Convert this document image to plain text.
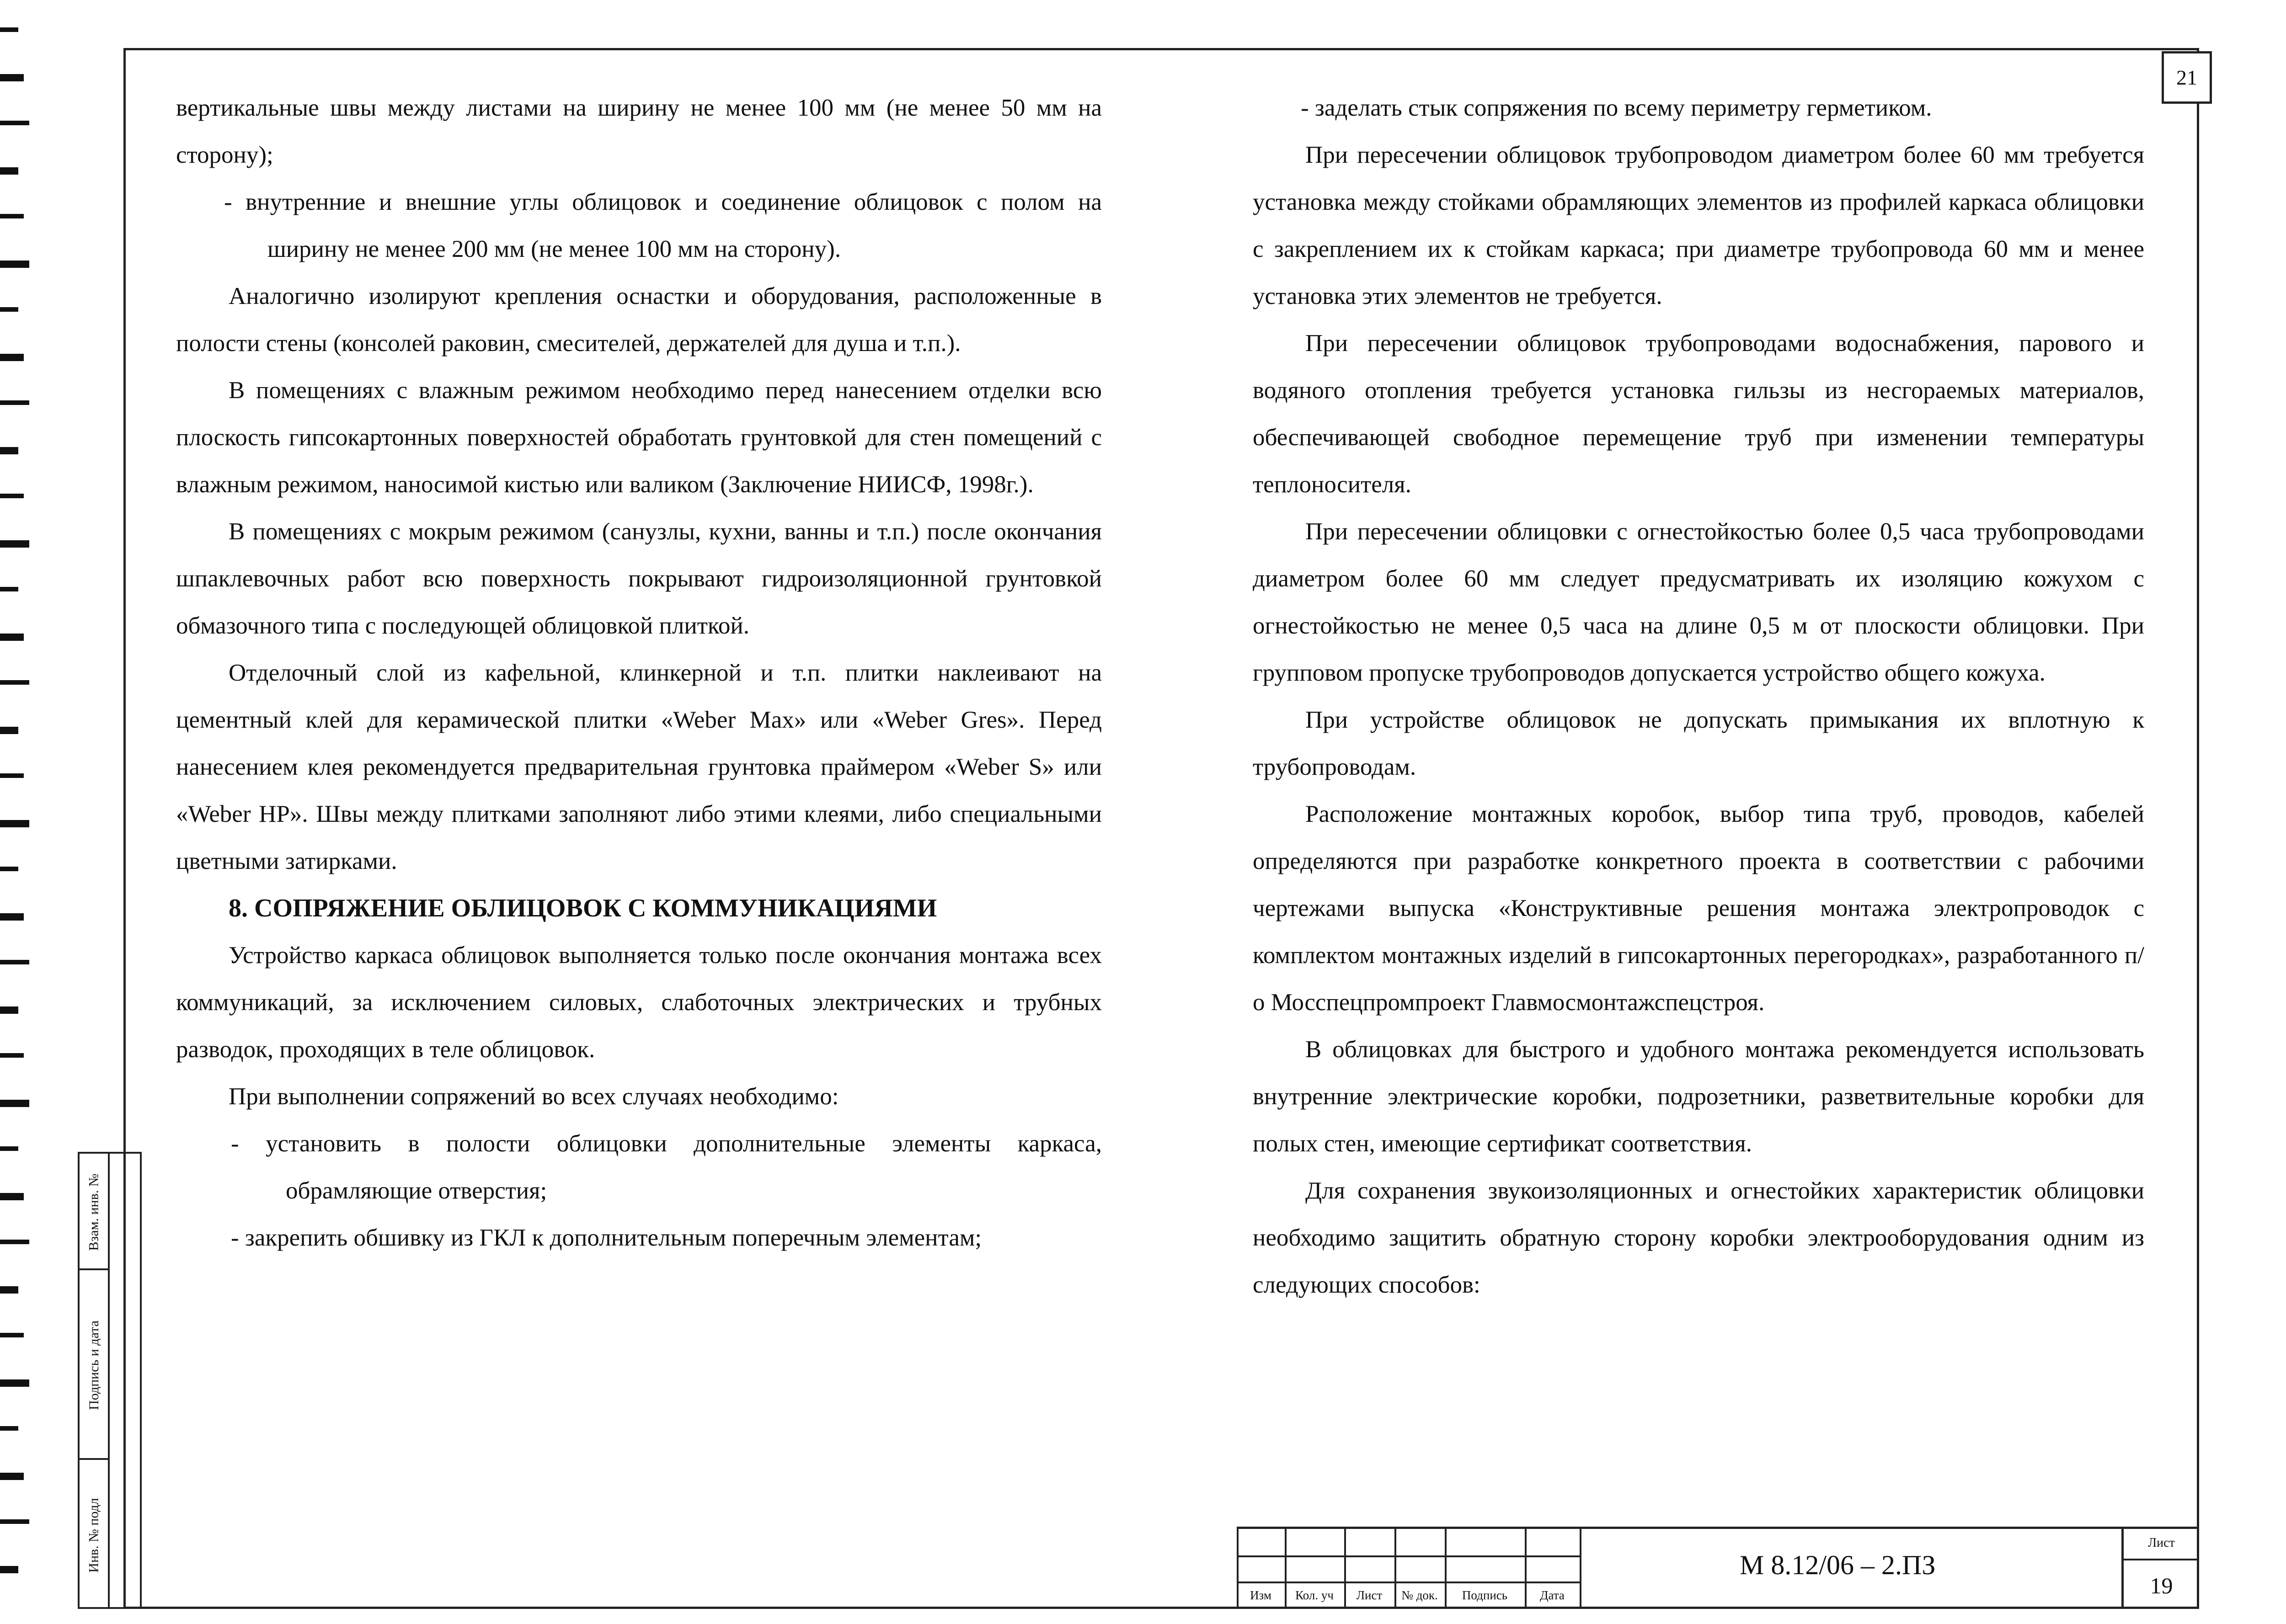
21

вертикальные швы между листами на ширину не менее 100 мм (не менее 50 мм на сторону);

- внутренние и внешние углы облицовок и соединение облицовок с полом на ширину не менее 200 мм (не менее 100 мм на сторону).

Аналогично изолируют крепления оснастки и оборудования, расположенные в полости стены (консолей раковин, смесителей, держателей для душа и т.п.).

В помещениях с влажным режимом необходимо перед нанесением отделки всю плоскость гипсокартонных поверхностей обработать грунтовкой для стен помещений с влажным режимом, наносимой кистью или валиком (Заключение НИИСФ, 1998г.).

В помещениях с мокрым режимом (санузлы, кухни, ванны и т.п.) после окончания шпаклевочных работ всю поверхность покрывают гидроизоляционной грунтовкой обмазочного типа с последующей облицовкой плиткой.

Отделочный слой из кафельной, клинкерной и т.п. плитки наклеивают на цементный клей для керамической плитки «Weber Max» или «Weber Gres». Перед нанесением клея рекомендуется предварительная грунтовка праймером «Weber S» или «Weber HP». Швы между плитками заполняют либо этими клеями, либо специальными цветными затирками.

8. СОПРЯЖЕНИЕ ОБЛИЦОВОК С КОММУНИКАЦИЯМИ

Устройство каркаса облицовок выполняется только после окончания монтажа всех коммуникаций, за исключением силовых, слаботочных электрических и трубных разводок, проходящих в теле облицовок.

При выполнении сопряжений во всех случаях необходимо:

- установить в полости облицовки дополнительные элементы каркаса, обрамляющие отверстия;

- закрепить обшивку из ГКЛ к дополнительным поперечным элементам;

- заделать стык сопряжения по всему периметру герметиком.

При пересечении облицовок трубопроводом диаметром более 60 мм требуется установка между стойками обрамляющих элементов из профилей каркаса облицовки с закреплением их к стойкам каркаса; при диаметре трубопровода 60 мм и менее установка этих элементов не требуется.

При пересечении облицовок трубопроводами водоснабжения, парового и водяного отопления требуется установка гильзы из несгораемых материалов, обеспечивающей свободное перемещение труб при изменении температуры теплоносителя.

При пересечении облицовки с огнестойкостью более 0,5 часа трубопроводами диаметром более 60 мм следует предусматривать их изоляцию кожухом с огнестойкостью не менее 0,5 часа на длине 0,5 м от плоскости облицовки. При групповом пропуске трубопроводов допускается устройство общего кожуха.

При устройстве облицовок не допускать примыкания их вплотную к трубопроводам.

Расположение монтажных коробок, выбор типа труб, проводов, кабелей определяются при разработке конкретного проекта в соответствии с рабочими чертежами выпуска «Конструктивные решения монтажа электропроводок с комплектом монтажных изделий в гипсокартонных перегородках», разработанного п/о Мосспецпромпроект Главмосмонтажспецстроя.

В облицовках для быстрого и удобного монтажа рекомендуется использовать внутренние электрические коробки, подрозетники, разветвительные коробки для полых стен, имеющие сертификат соответствия.

Для сохранения звукоизоляционных и огнестойких характеристик облицовки необходимо защитить обратную сторону коробки электрооборудования одним из следующих способов:

Взам. инв. №
Подпись и дата
Инв. № подл
Изм	Кол. уч	Лист	№ док.	Подпись	Дата
М 8.12/06 – 2.ПЗ
Лист
19
